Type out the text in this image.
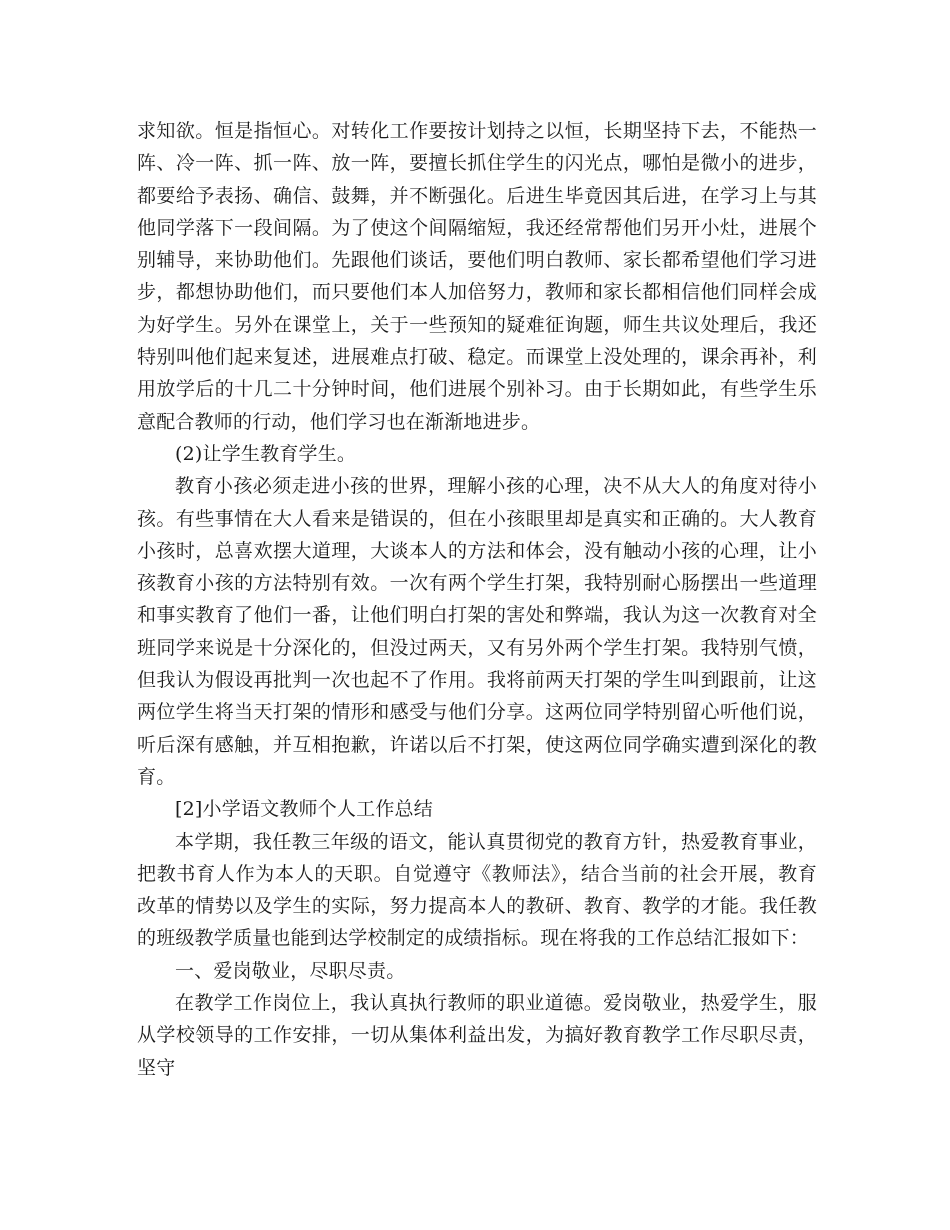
求知欲。恒是指恒心。对转化工作要按计划持之以恒，长期坚持下去，不能热一阵、冷一阵、抓一阵、放一阵，要擅长抓住学生的闪光点，哪怕是微小的进步，都要给予表扬、确信、鼓舞，并不断强化。后进生毕竟因其后进，在学习上与其他同学落下一段间隔。为了使这个间隔缩短，我还经常帮他们另开小灶，进展个别辅导，来协助他们。先跟他们谈话，要他们明白教师、家长都希望他们学习进步，都想协助他们，而只要他们本人加倍努力，教师和家长都相信他们同样会成为好学生。另外在课堂上，关于一些预知的疑难征询题，师生共议处理后，我还特别叫他们起来复述，进展难点打破、稳定。而课堂上没处理的，课余再补，利用放学后的十几二十分钟时间，他们进展个别补习。由于长期如此，有些学生乐意配合教师的行动，他们学习也在渐渐地进步。

(2)让学生教育学生。

教育小孩必须走进小孩的世界，理解小孩的心理，决不从大人的角度对待小孩。有些事情在大人看来是错误的，但在小孩眼里却是真实和正确的。大人教育小孩时，总喜欢摆大道理，大谈本人的方法和体会，没有触动小孩的心理，让小孩教育小孩的方法特别有效。一次有两个学生打架，我特别耐心肠摆出一些道理和事实教育了他们一番，让他们明白打架的害处和弊端，我认为这一次教育对全班同学来说是十分深化的，但没过两天，又有另外两个学生打架。我特别气愤，但我认为假设再批判一次也起不了作用。我将前两天打架的学生叫到跟前，让这两位学生将当天打架的情形和感受与他们分享。这两位同学特别留心听他们说，听后深有感触，并互相抱歉，许诺以后不打架，使这两位同学确实遭到深化的教育。

[2]小学语文教师个人工作总结

本学期，我任教三年级的语文，能认真贯彻党的教育方针，热爱教育事业，把教书育人作为本人的天职。自觉遵守《教师法》，结合当前的社会开展，教育改革的情势以及学生的实际，努力提高本人的教研、教育、教学的才能。我任教的班级教学质量也能到达学校制定的成绩指标。现在将我的工作总结汇报如下：

一、爱岗敬业，尽职尽责。

在教学工作岗位上，我认真执行教师的职业道德。爱岗敬业，热爱学生，服从学校领导的工作安排，一切从集体利益出发，为搞好教育教学工作尽职尽责，坚守
